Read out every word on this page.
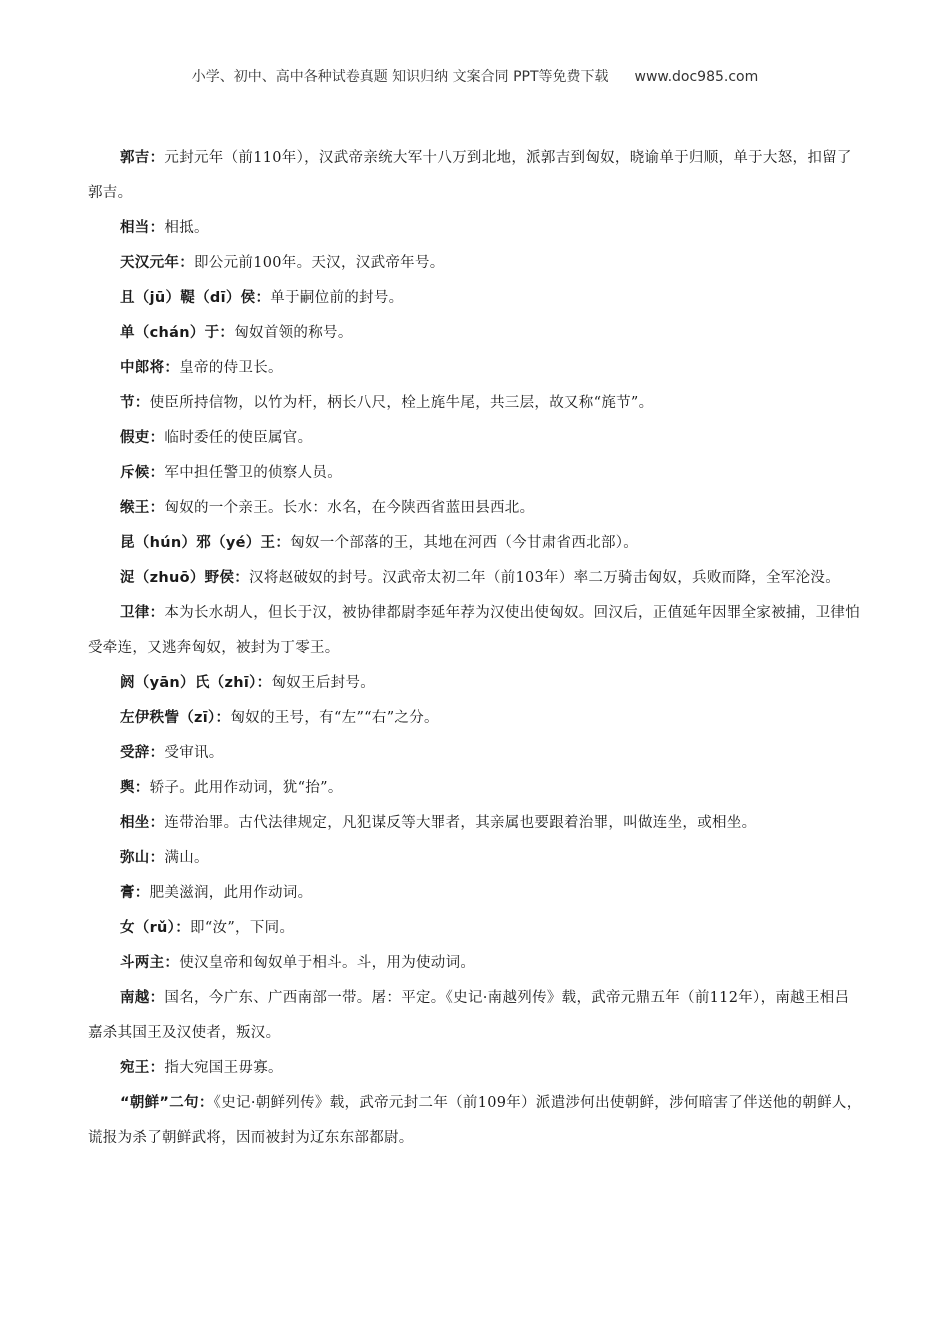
小学、初中、高中各种试卷真题 知识归纳 文案合同 PPT等免费下载 www.doc985.com

郭吉：元封元年（前110年），汉武帝亲统大军十八万到北地，派郭吉到匈奴，晓谕单于归顺，单于大怒，扣留了郭吉。

相当：相抵。

天汉元年：即公元前100年。天汉，汉武帝年号。

且（jū）鞮（dī）侯：单于嗣位前的封号。

单（chán）于：匈奴首领的称号。

中郎将：皇帝的侍卫长。

节：使臣所持信物，以竹为杆，柄长八尺，栓上旄牛尾，共三层，故又称“旄节”。

假吏：临时委任的使臣属官。

斥候：军中担任警卫的侦察人员。

缑王：匈奴的一个亲王。长水：水名，在今陕西省蓝田县西北。

昆（hún）邪（yé）王：匈奴一个部落的王，其地在河西（今甘肃省西北部）。

浞（zhuō）野侯：汉将赵破奴的封号。汉武帝太初二年（前103年）率二万骑击匈奴，兵败而降，全军沦没。

卫律：本为长水胡人，但长于汉，被协律都尉李延年荐为汉使出使匈奴。回汉后，正值延年因罪全家被捕，卫律怕受牵连，又逃奔匈奴，被封为丁零王。

阏（yān）氏（zhī）：匈奴王后封号。

左伊秩訾（zī）：匈奴的王号，有“左”“右”之分。

受辞：受审讯。

舆：轿子。此用作动词，犹“抬”。

相坐：连带治罪。古代法律规定，凡犯谋反等大罪者，其亲属也要跟着治罪，叫做连坐，或相坐。

弥山：满山。

膏：肥美滋润，此用作动词。

女（rǔ）：即“汝”，下同。

斗两主：使汉皇帝和匈奴单于相斗。斗，用为使动词。

南越：国名，今广东、广西南部一带。屠：平定。《史记·南越列传》载，武帝元鼎五年（前112年），南越王相吕嘉杀其国王及汉使者，叛汉。

宛王：指大宛国王毋寡。

“朝鲜”二句：《史记·朝鲜列传》载，武帝元封二年（前109年）派遣涉何出使朝鲜，涉何暗害了伴送他的朝鲜人，谎报为杀了朝鲜武将，因而被封为辽东东部都尉。
